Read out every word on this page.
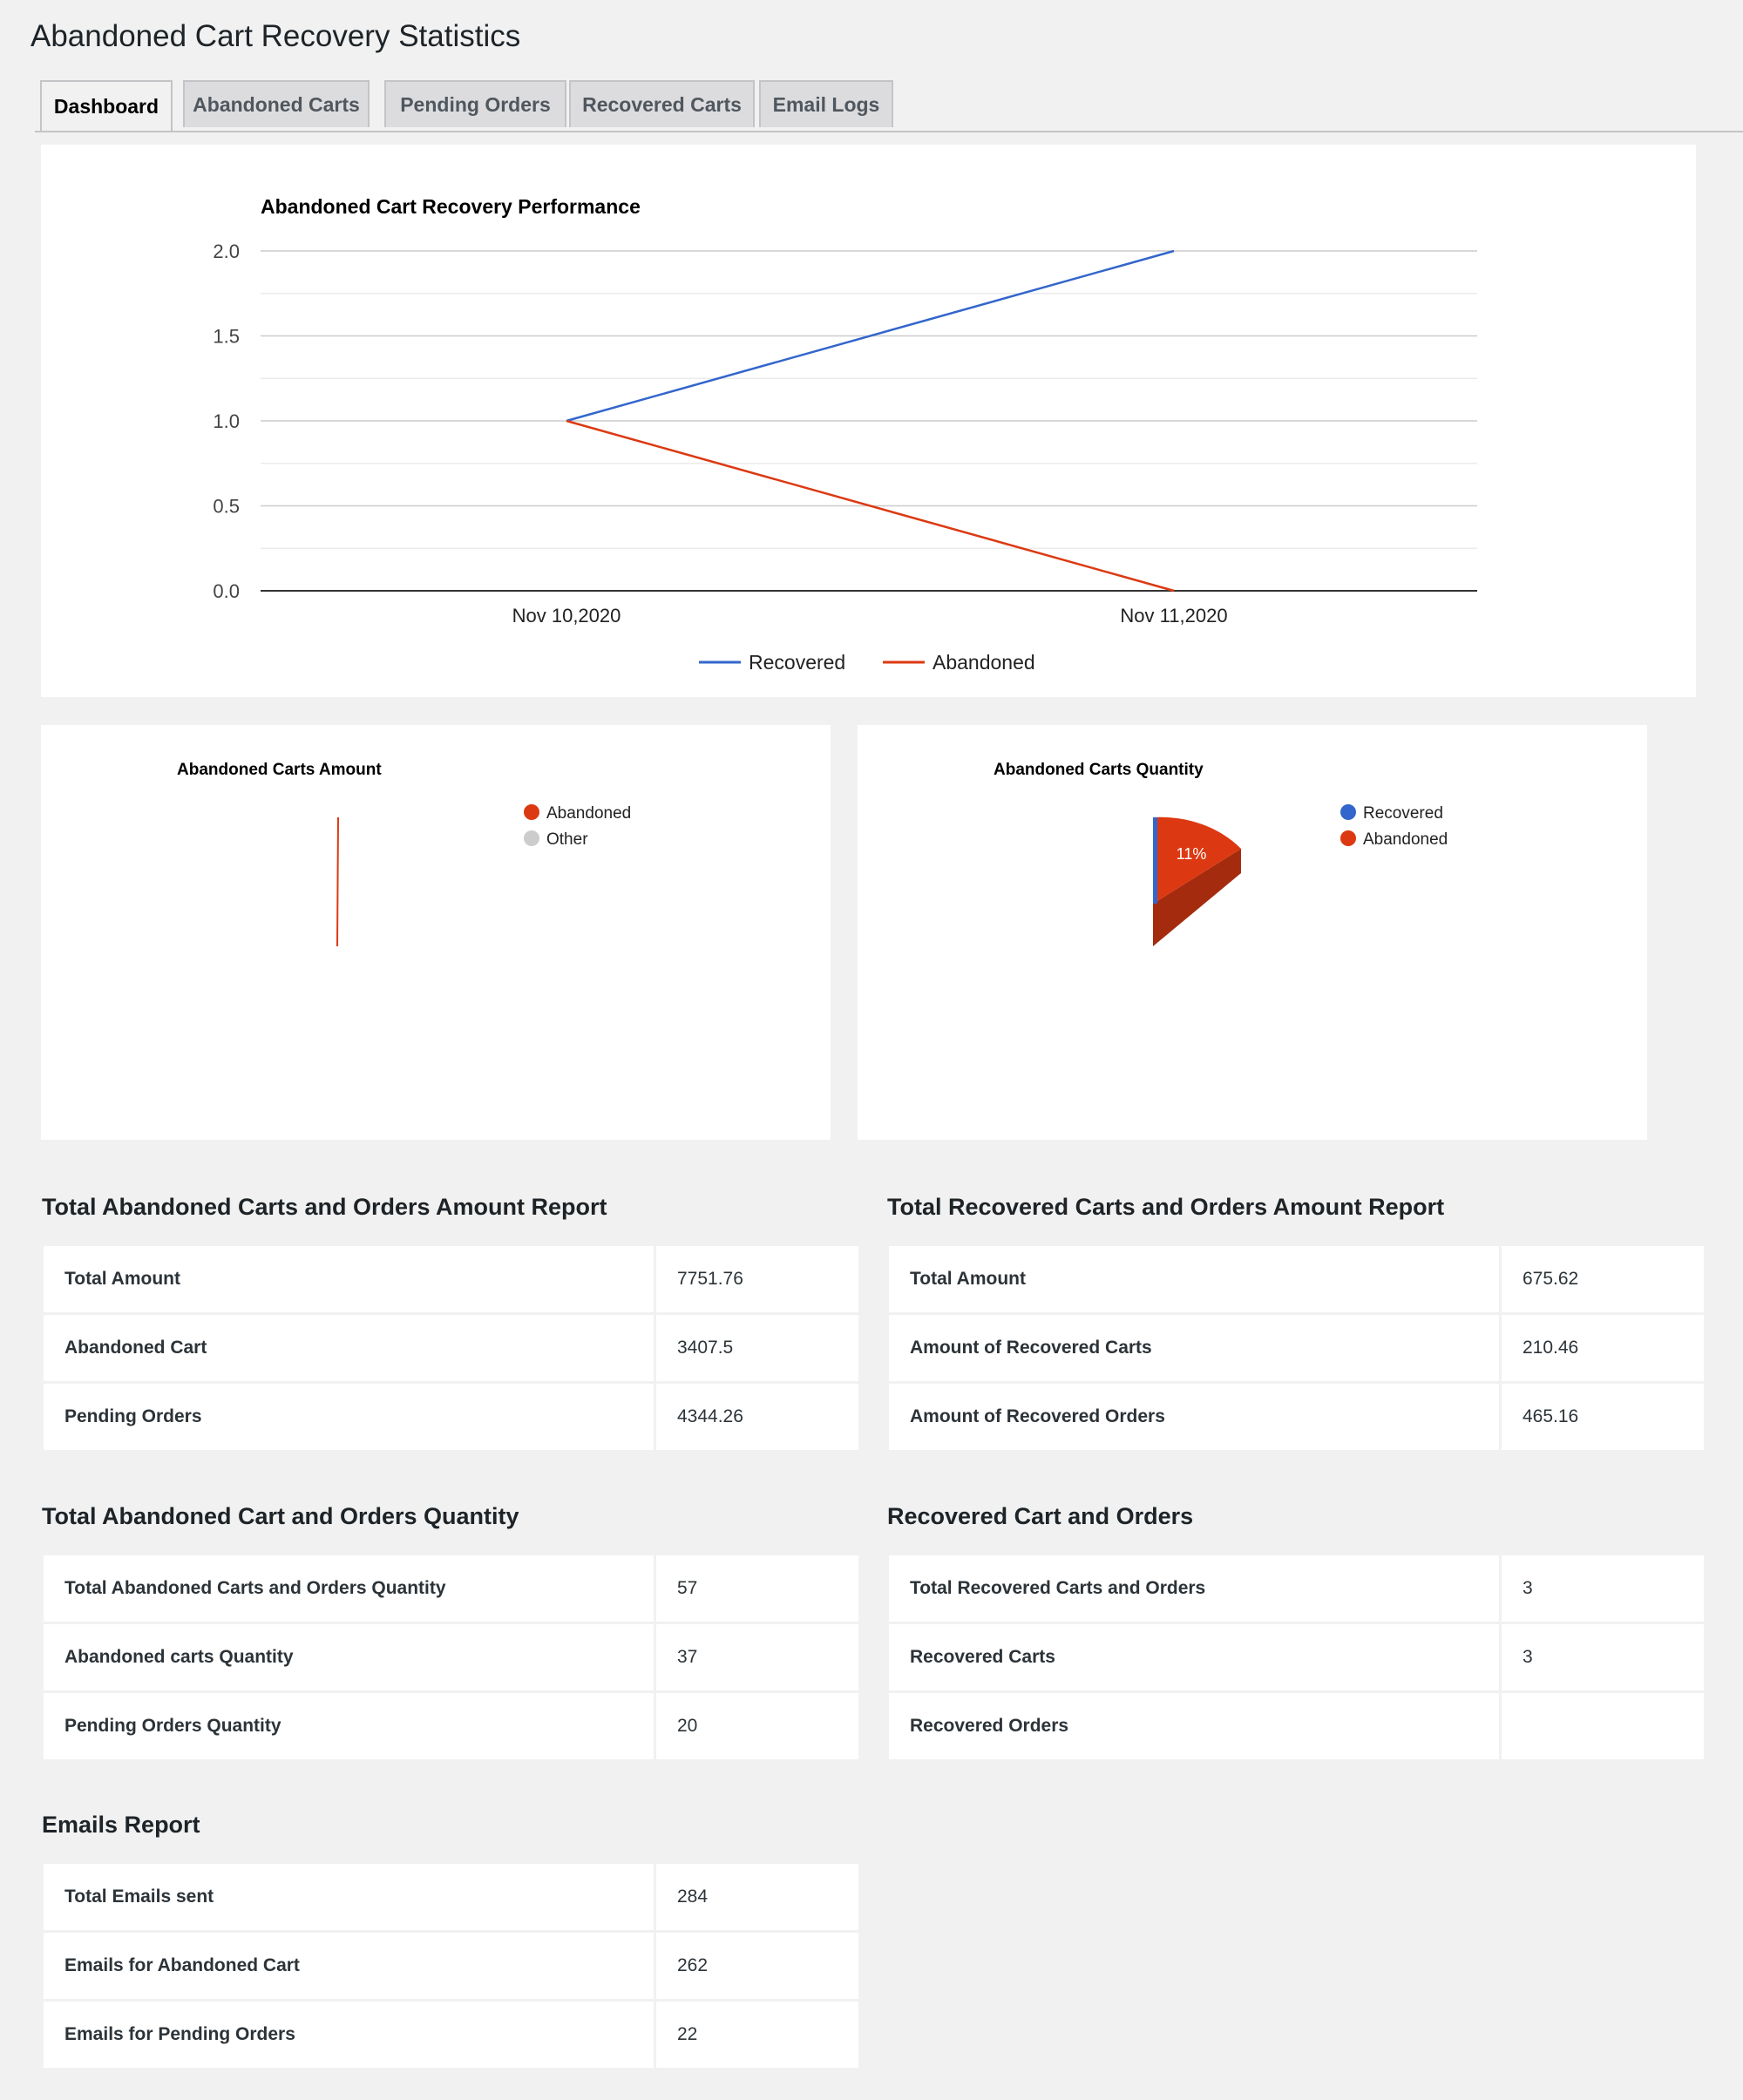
Abandoned Cart Recovery Statistics
Dashboard	Abandoned Carts	Pending Orders	Recovered Carts	Email Logs
Abandoned Cart Recovery Performance
0.0
0.5
1.0
1.5
2.0
Nov 10,2020	Nov 11,2020
Recovered	Abandoned
Abandoned Carts Amount
Abandoned
Other
Abandoned Carts Quantity
11%
Recovered
Abandoned
Total Abandoned Carts and Orders Amount Report
Total Amount	7751.76
Abandoned Cart	3407.5
Pending Orders	4344.26
Total Recovered Carts and Orders Amount Report
Total Amount	675.62
Amount of Recovered Carts	210.46
Amount of Recovered Orders	465.16
Total Abandoned Cart and Orders Quantity
Total Abandoned Carts and Orders Quantity	57
Abandoned carts Quantity	37
Pending Orders Quantity	20
Recovered Cart and Orders
Total Recovered Carts and Orders	3
Recovered Carts	3
Recovered Orders	
Emails Report
Total Emails sent	284
Emails for Abandoned Cart	262
Emails for Pending Orders	22
